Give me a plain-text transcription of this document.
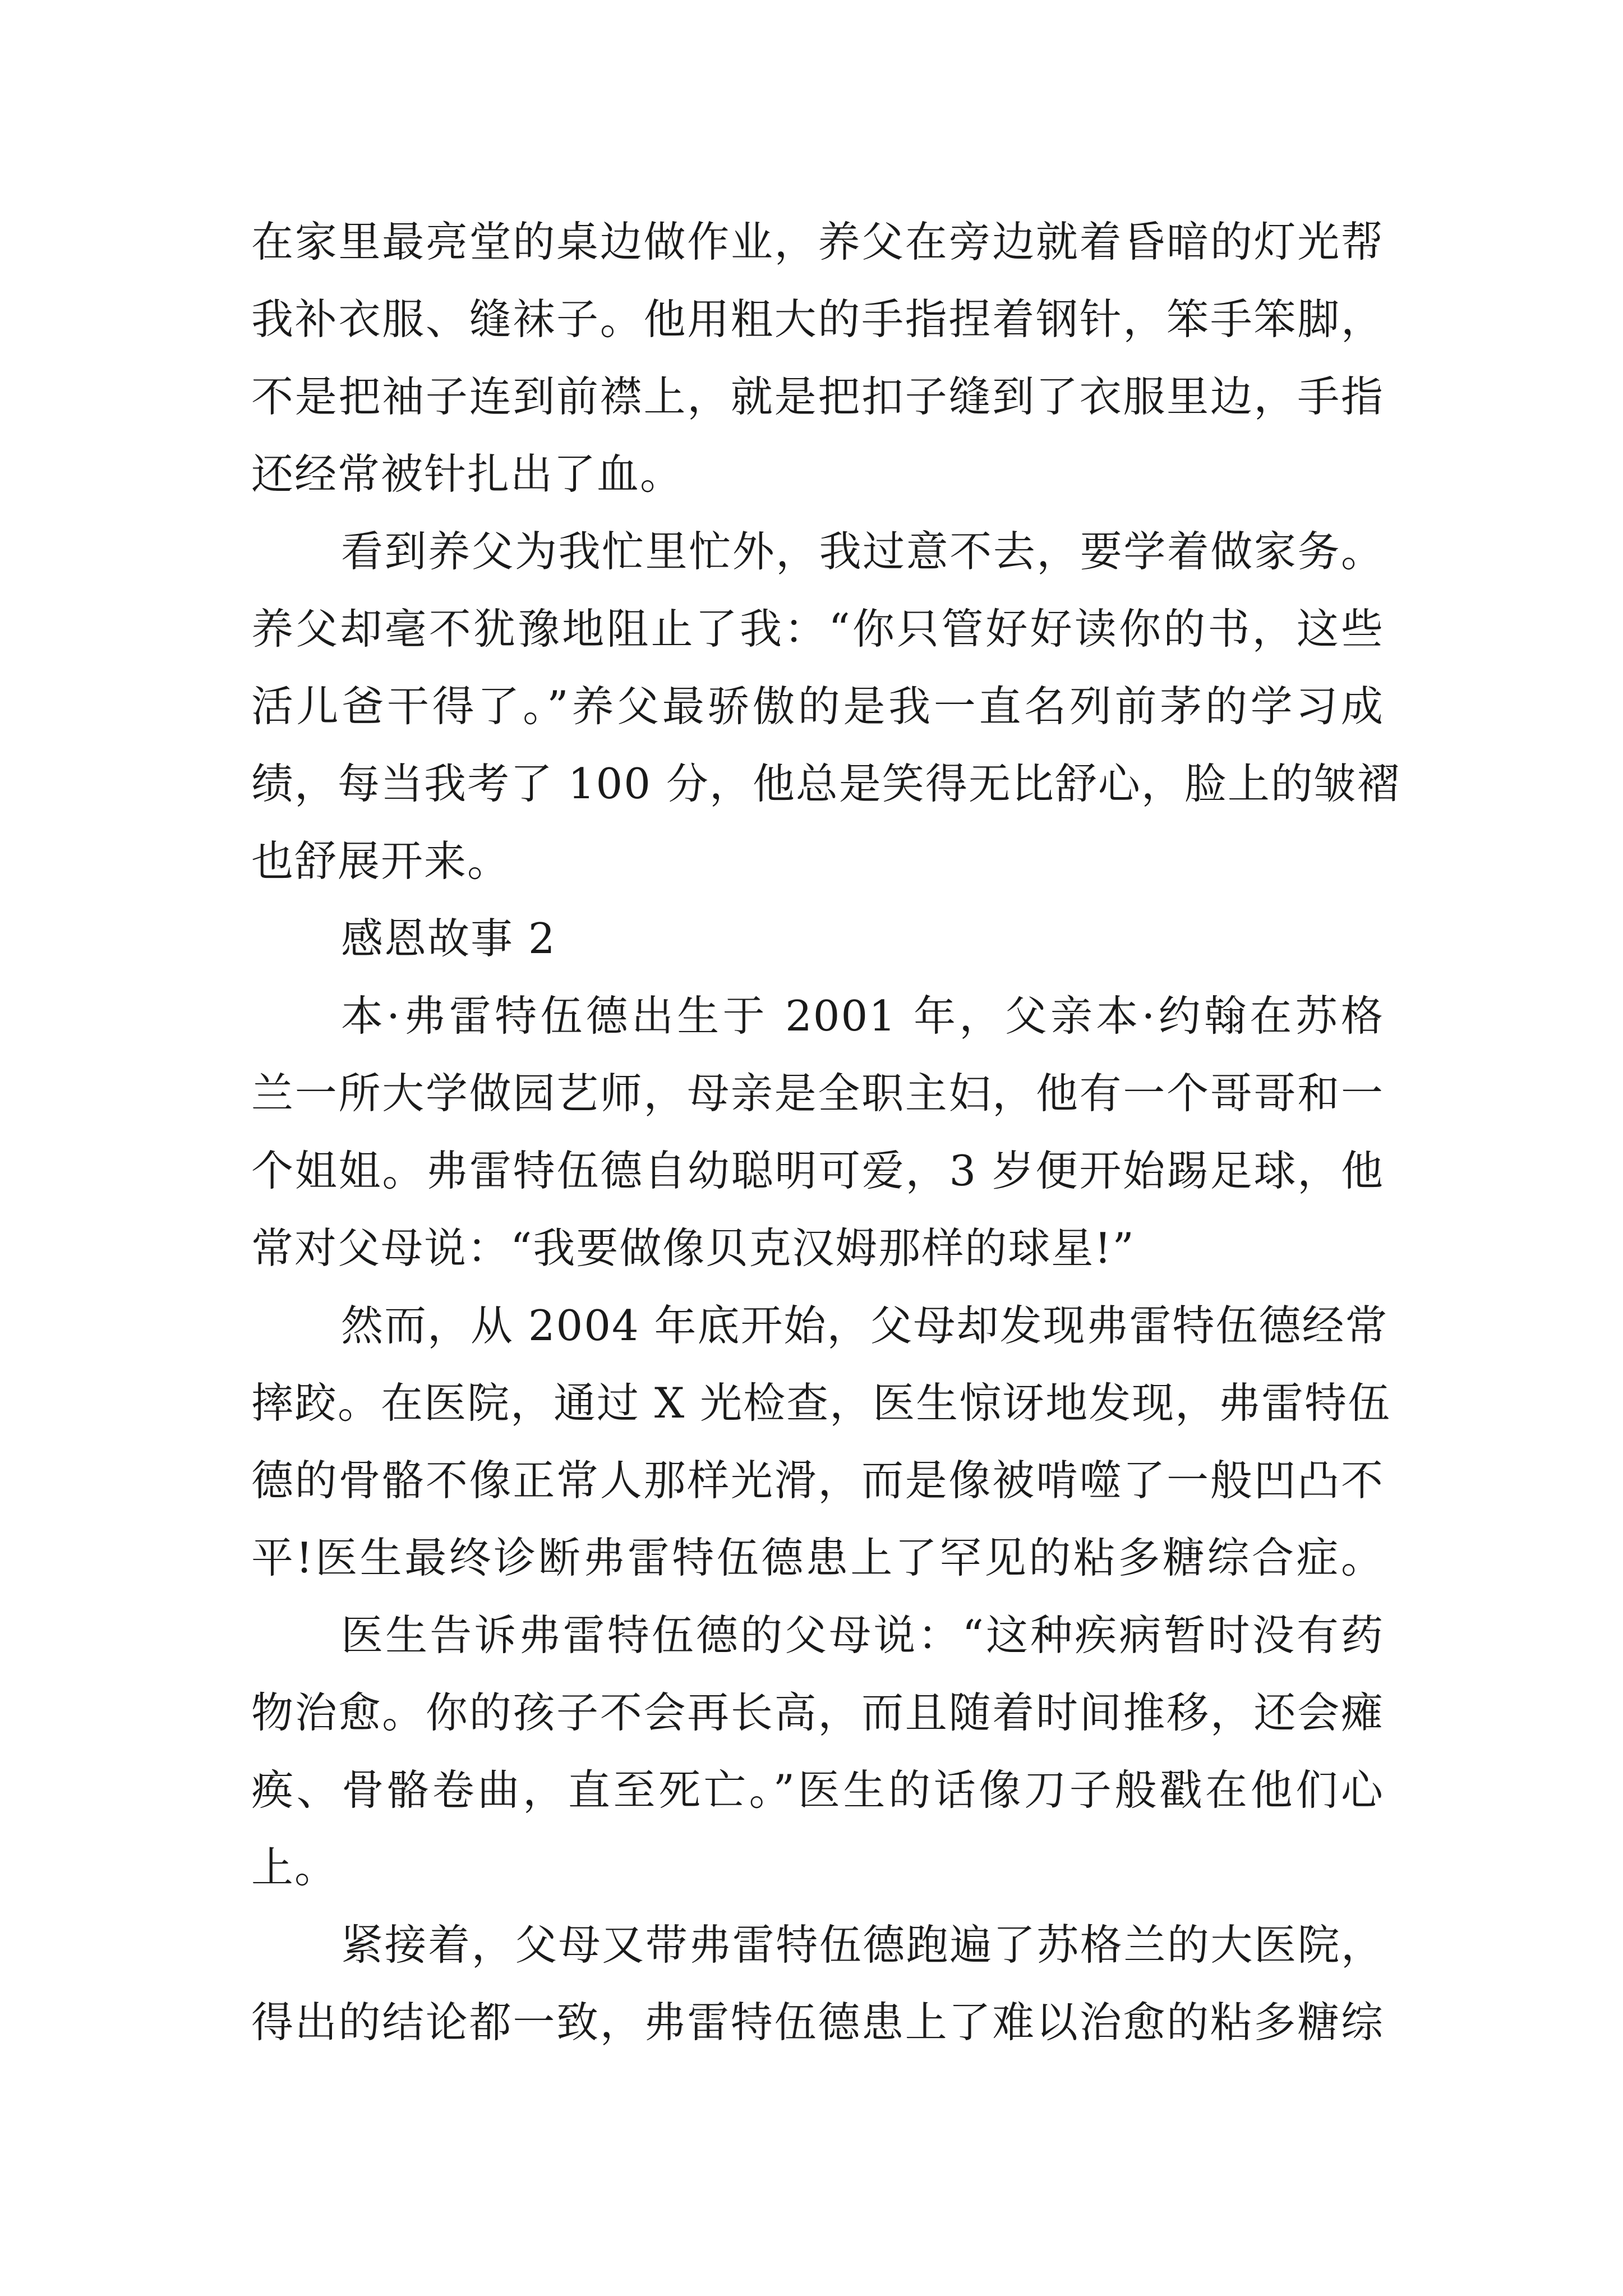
在家里最亮堂的桌边做作业，养父在旁边就着昏暗的灯光帮
我补衣服、缝袜子。他用粗大的手指捏着钢针，笨手笨脚，
不是把袖子连到前襟上，就是把扣子缝到了衣服里边，手指
还经常被针扎出了血。
看到养父为我忙里忙外，我过意不去，要学着做家务。
养父却毫不犹豫地阻止了我：“你只管好好读你的书，这些
活儿爸干得了。”养父最骄傲的是我一直名列前茅的学习成
绩，每当我考了 100 分，他总是笑得无比舒心，脸上的皱褶
也舒展开来。
感恩故事 2
本·弗雷特伍德出生于 2001 年，父亲本·约翰在苏格
兰一所大学做园艺师，母亲是全职主妇，他有一个哥哥和一
个姐姐。弗雷特伍德自幼聪明可爱，3 岁便开始踢足球，他
常对父母说：“我要做像贝克汉姆那样的球星!”
然而，从 2004 年底开始，父母却发现弗雷特伍德经常
摔跤。在医院，通过 X 光检查，医生惊讶地发现，弗雷特伍
德的骨骼不像正常人那样光滑，而是像被啃噬了一般凹凸不
平!医生最终诊断弗雷特伍德患上了罕见的粘多糖综合症。
医生告诉弗雷特伍德的父母说：“这种疾病暂时没有药
物治愈。你的孩子不会再长高，而且随着时间推移，还会瘫
痪、骨骼卷曲，直至死亡。”医生的话像刀子般戳在他们心
上。
紧接着，父母又带弗雷特伍德跑遍了苏格兰的大医院，
得出的结论都一致，弗雷特伍德患上了难以治愈的粘多糖综
